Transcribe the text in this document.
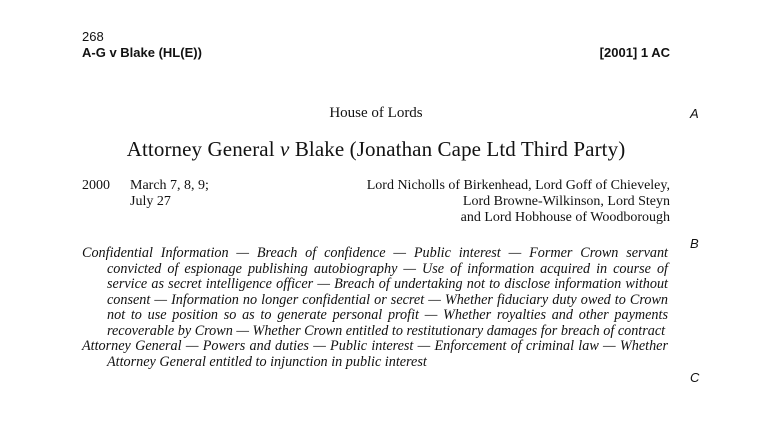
268
A-G v Blake (HL(E))	[2001] 1 AC
House of Lords
Attorney General v Blake (Jonathan Cape Ltd Third Party)
2000 March 7, 8, 9;
July 27
Lord Nicholls of Birkenhead, Lord Goff of Chieveley,
Lord Browne-Wilkinson, Lord Steyn
and Lord Hobhouse of Woodborough

Confidential Information — Breach of confidence — Public interest — Former Crown servant convicted of espionage publishing autobiography — Use of information acquired in course of service as secret intelligence officer — Breach of undertaking not to disclose information without consent — Information no longer confidential or secret — Whether fiduciary duty owed to Crown not to use position so as to generate personal profit — Whether royalties and other payments recoverable by Crown — Whether Crown entitled to restitutionary damages for breach of contract

Attorney General — Powers and duties — Public interest — Enforcement of criminal law — Whether Attorney General entitled to injunction in public interest

A
B
C
